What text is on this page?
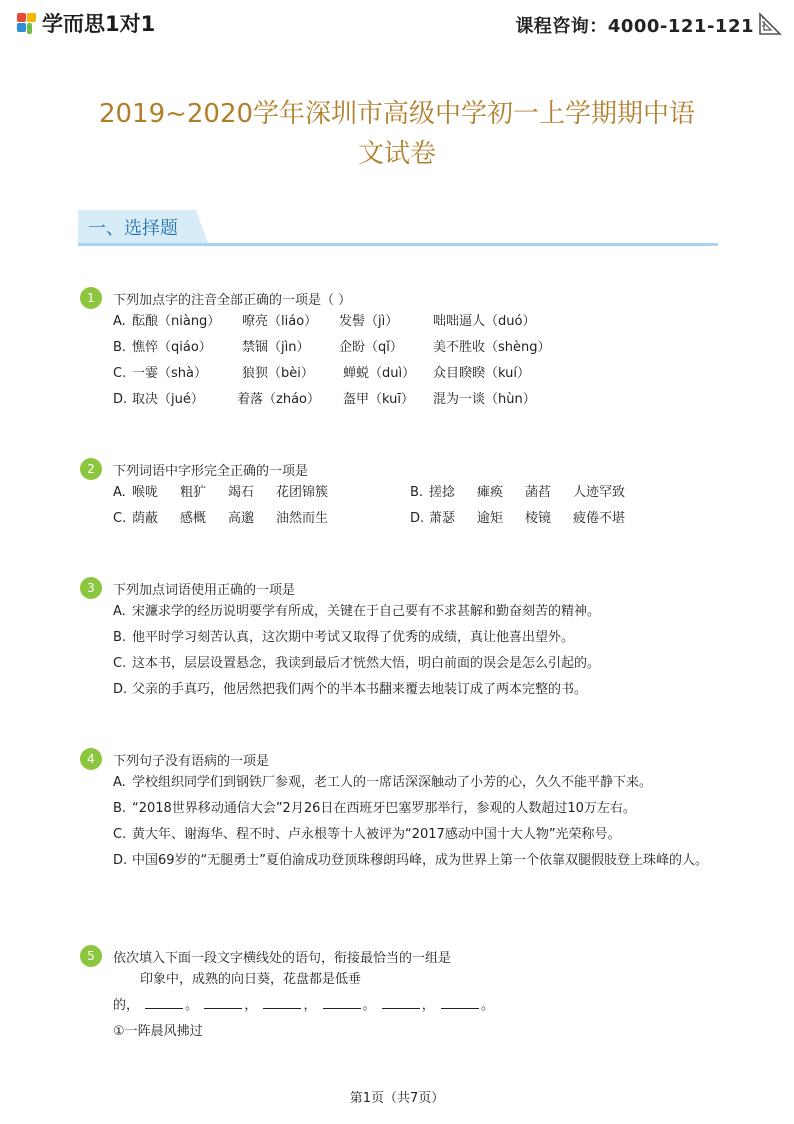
学而思1对1	课程咨询：4000-121-121
2019~2020学年深圳市高级中学初一上学期期中语
文试卷
一、选择题
1	下列加点字的注音全部正确的一项是（ ）
A. 酝酿（niàng） 嘹亮（liáo） 发髻（jì）	咄咄逼人（duó）
B. 憔悴（qiáo） 禁锢（jìn） 企盼（qǐ） 美不胜收（shèng）
C. 一霎（shà）	狼狈（bèi） 蝉蜕（duì） 众目睽睽（kuí）
D. 取决（jué）	着落（zháo） 盔甲（kuī） 混为一谈（hùn）
2	下列词语中字形完全正确的一项是
A. 喉咙 粗犷 竭石 花团锦簇	B. 搓捻 瘫痪 菡萏 人迹罕致
C. 荫蔽 感概 高邈 油然而生	D. 萧瑟 逾矩 棱镜 疲倦不堪
3	下列加点词语使用正确的一项是
A. 宋濂求学的经历说明要学有所成，关键在于自己要有不求甚解和勤奋刻苦的精神。
B. 他平时学习刻苦认真，这次期中考试又取得了优秀的成绩，真让他喜出望外。
C. 这本书，层层设置悬念，我读到最后才恍然大悟，明白前面的误会是怎么引起的。
D. 父亲的手真巧，他居然把我们两个的半本书翻来覆去地装订成了两本完整的书。
4	下列句子没有语病的一项是
A. 学校组织同学们到钢铁厂参观，老工人的一席话深深触动了小芳的心，久久不能平静下来。
B. “2018世界移动通信大会”2月26日在西班牙巴塞罗那举行，参观的人数超过10万左右。
C. 黄大年、谢海华、程不时、卢永根等十人被评为“2017感动中国十大人物”光荣称号。
D. 中国69岁的“无腿勇士”夏伯渝成功登顶珠穆朗玛峰，成为世界上第一个依靠双腿假肢登上珠峰的人。
5	依次填入下面一段文字横线处的语句，衔接最恰当的一组是
印象中，成熟的向日葵，花盘都是低垂
的，	。	，	，	。	，	。
①一阵晨风拂过
第1页（共7页）
